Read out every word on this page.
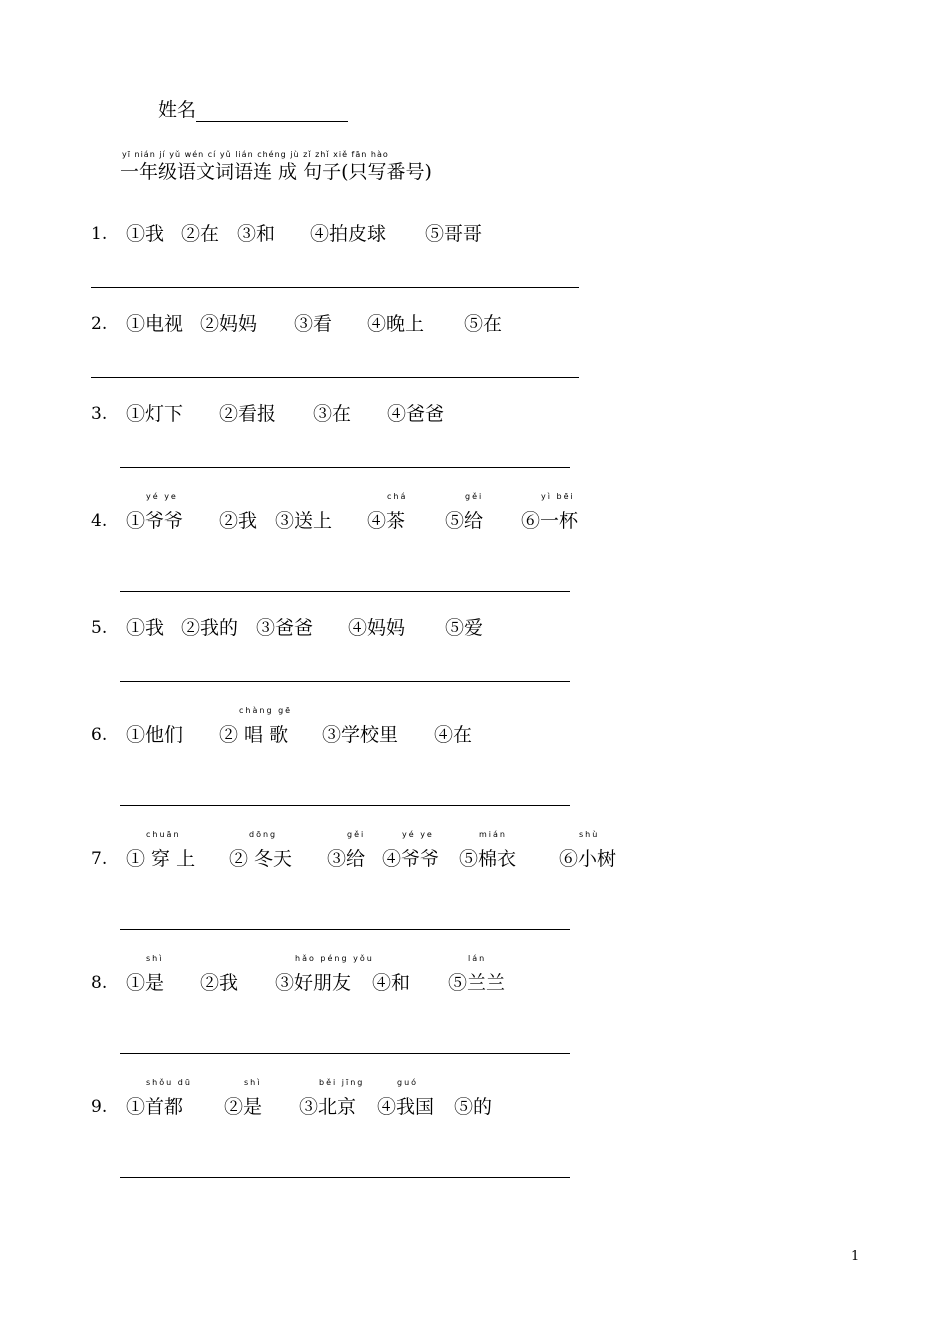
姓名
yī nián jí yǔ wén cí yǔ lián chéng jù zǐ zhǐ xiě fān hào
一年级语文词语连 成 句子(只写番号)
1. ①我 ②在 ③和 ④拍皮球 ⑤哥哥
2. ①电视 ②妈妈 ③看 ④晚上 ⑤在
3. ①灯下 ②看报 ③在 ④爸爸
4.
yé ye
①爷爷 ②我 ③送上
chá
④茶
gěi
⑤给
yì bēi
⑥一杯
5. ①我 ②我的 ③爸爸 ④妈妈 ⑤爱
6. ①他们
chàng gē
② 唱 歌 ③学校里 ④在
7.
chuān
① 穿 上
dōng
② 冬天
gěi
③给
yé ye
④爷爷
mián
⑤棉衣
shù
⑥小树
8.
shì
①是 ②我
hǎo péng yǒu
③好朋友 ④和
lán
⑤兰兰
9.
shǒu dū
①首都
shì
②是
běi jīng
③北京
guó
④我国 ⑤的
1
